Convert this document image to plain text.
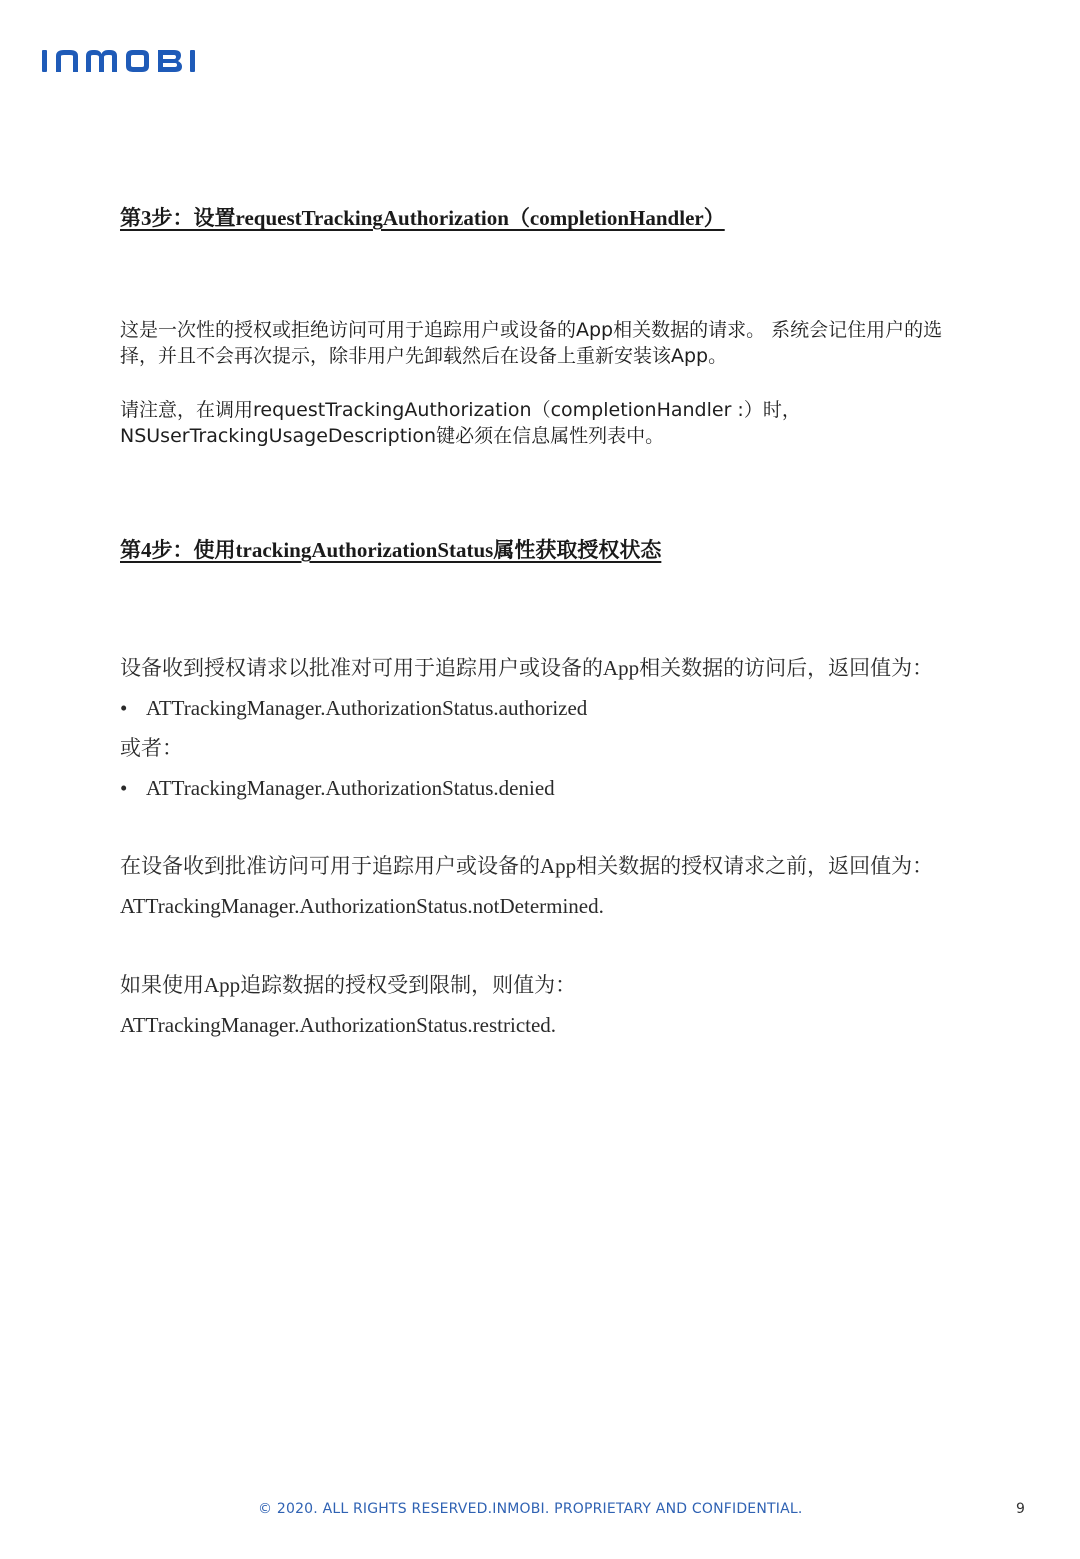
第3步：设置requestTrackingAuthorization（completionHandler）

这是一次性的授权或拒绝访问可用于追踪用户或设备的App相关数据的请求。 系统会记住用户的选择，并且不会再次提示，除非用户先卸载然后在设备上重新安装该App。

请注意，在调用requestTrackingAuthorization（completionHandler :）时，NSUserTrackingUsageDescription键必须在信息属性列表中。

第4步：使用trackingAuthorizationStatus属性获取授权状态

设备收到授权请求以批准对可用于追踪用户或设备的App相关数据的访问后，返回值为：

• ATTrackingManager.AuthorizationStatus.authorized

或者：

• ATTrackingManager.AuthorizationStatus.denied

在设备收到批准访问可用于追踪用户或设备的App相关数据的授权请求之前，返回值为：

ATTrackingManager.AuthorizationStatus.notDetermined.

如果使用App追踪数据的授权受到限制，则值为：

ATTrackingManager.AuthorizationStatus.restricted.

© 2020. ALL RIGHTS RESERVED.INMOBI. PROPRIETARY AND CONFIDENTIAL.	9
